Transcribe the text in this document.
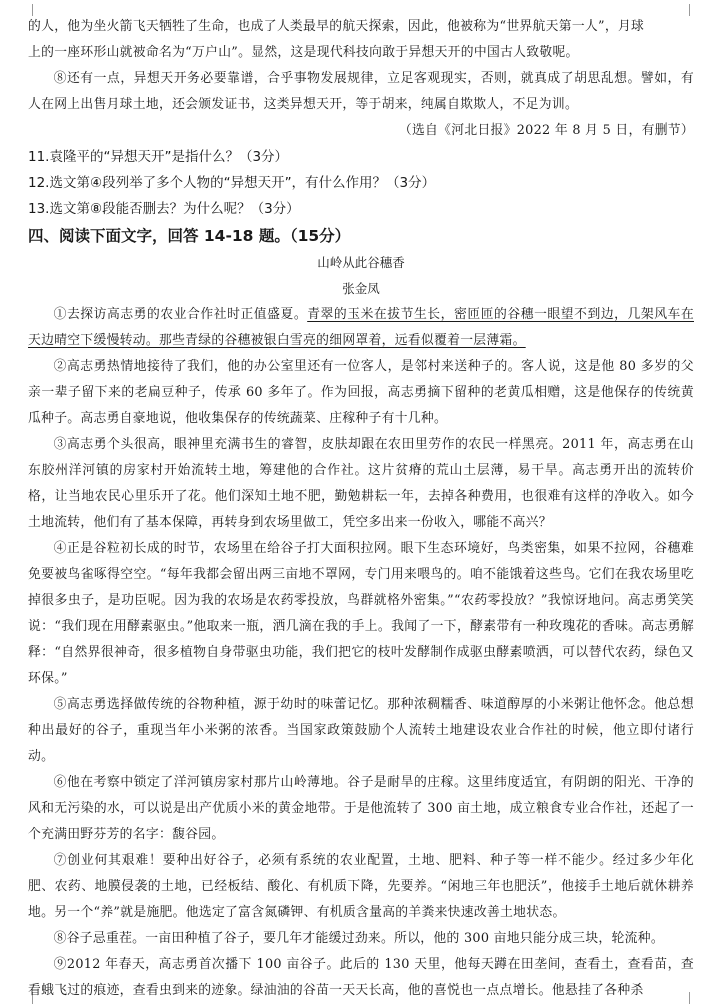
的人，他为坐火箭飞天牺牲了生命，也成了人类最早的航天探索，因此，他被称为“世界航天第一人”，月球

上的一座环形山就被命名为“万户山”。显然，这是现代科技向敢于异想天开的中国古人致敬呢。

⑧还有一点，异想天开务必要靠谱，合乎事物发展规律，立足客观现实，否则，就真成了胡思乱想。譬如，有人在网上出售月球土地，还会颁发证书，这类异想天开，等于胡来，纯属自欺欺人，不足为训。

（选自《河北日报》2022 年 8 月 5 日，有删节）

11.袁隆平的“异想天开”是指什么？（3分）

12.选文第④段列举了多个人物的“异想天开”，有什么作用？（3分）

13.选文第⑧段能否删去？为什么呢？（3分）

四、阅读下面文字，回答 14-18 题。（15分）

山岭从此谷穗香

张金凤

①去探访高志勇的农业合作社时正值盛夏。青翠的玉米在拔节生长，密匝匝的谷穗一眼望不到边，几架风车在天边晴空下缓慢转动。那些青绿的谷穗被银白雪亮的细网罩着，远看似覆着一层薄霜。

②高志勇热情地接待了我们，他的办公室里还有一位客人，是邻村来送种子的。客人说，这是他 80 多岁的父亲一辈子留下来的老扁豆种子，传承 60 多年了。作为回报，高志勇摘下留种的老黄瓜相赠，这是他保存的传统黄瓜种子。高志勇自豪地说，他收集保存的传统蔬菜、庄稼种子有十几种。

③高志勇个头很高，眼神里充满书生的睿智，皮肤却跟在农田里劳作的农民一样黑亮。2011 年，高志勇在山东胶州洋河镇的房家村开始流转土地，筹建他的合作社。这片贫瘠的荒山土层薄，易干旱。高志勇开出的流转价格，让当地农民心里乐开了花。他们深知土地不肥，勤勉耕耘一年，去掉各种费用，也很难有这样的净收入。如今土地流转，他们有了基本保障，再转身到农场里做工，凭空多出来一份收入，哪能不高兴？

④正是谷粒初长成的时节，农场里在给谷子打大面积拉网。眼下生态环境好，鸟类密集，如果不拉网，谷穗难免要被鸟雀啄得空空。“每年我都会留出两三亩地不罩网，专门用来喂鸟的。咱不能饿着这些鸟。它们在我农场里吃掉很多虫子，是功臣呢。因为我的农场是农药零投放，鸟群就格外密集。”“农药零投放？”我惊讶地问。高志勇笑笑说：“我们现在用酵素驱虫。”他取来一瓶，洒几滴在我的手上。我闻了一下，酵素带有一种玫瑰花的香味。高志勇解释：“自然界很神奇，很多植物自身带驱虫功能，我们把它的枝叶发酵制作成驱虫酵素喷洒，可以替代农药，绿色又环保。”

⑤高志勇选择做传统的谷物种植，源于幼时的味蕾记忆。那种浓稠糯香、味道醇厚的小米粥让他怀念。他总想种出最好的谷子，重现当年小米粥的浓香。当国家政策鼓励个人流转土地建设农业合作社的时候，他立即付诸行动。

⑥他在考察中锁定了洋河镇房家村那片山岭薄地。谷子是耐旱的庄稼。这里纬度适宜，有阴朗的阳光、干净的风和无污染的水，可以说是出产优质小米的黄金地带。于是他流转了 300 亩土地，成立粮食专业合作社，还起了一个充满田野芬芳的名字：馥谷园。

⑦创业何其艰难！要种出好谷子，必须有系统的农业配置，土地、肥料、种子等一样不能少。经过多少年化肥、农药、地膜侵袭的土地，已经板结、酸化、有机质下降，先要养。“闲地三年也肥沃”，他接手土地后就休耕养地。另一个“养”就是施肥。他选定了富含氮磷钾、有机质含量高的羊粪来快速改善土地状态。

⑧谷子忌重茬。一亩田种植了谷子，要几年才能缓过劲来。所以，他的 300 亩地只能分成三块，轮流种。

⑨2012 年春天，高志勇首次播下 100 亩谷子。此后的 130 天里，他每天蹲在田垄间，查看土，查看苗，查看蛾飞过的痕迹，查看虫到来的迹象。绿油油的谷苗一天天长高，他的喜悦也一点点增长。他悬挂了各种杀
